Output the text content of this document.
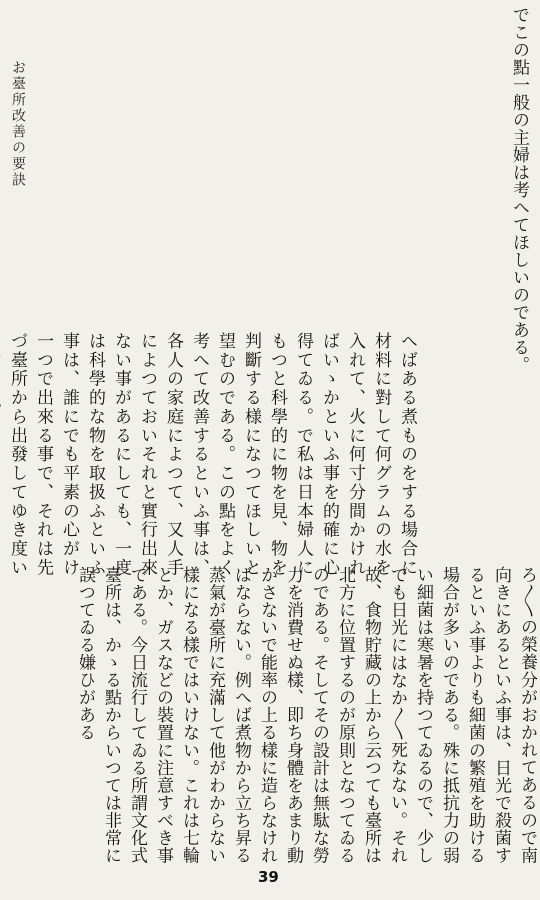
でこの點一般の主婦は考へてほしいのである。

へばある煮ものをする場合に材料に對して何グラムの水を入れて、火に何寸分間かければいゝかといふ事を的確に心得てゐる。で私は日本婦人にもつと科學的に物を見、物を判斷する様になつてほしいと望むのである。この點をよく考へて改善するといふ事は、各人の家庭によつて、又人手によつておいそれと實行出來ない事があるにしても、一度は科學的な物を取扱ふといふ事は、誰にでも平素の心がけ一つで出來る事で、それは先づ臺所から出發してゆき度い	ろ〳〵の榮養分がおかれてあるので南向きにあるといふ事は、日光で殺菌するといふ事よりも細菌の繁殖を助ける場合が多いのである。殊に抵抗力の弱い細菌は寒暑を持つてゐるので、少しでも日光にはなか〳〵死なない。それ故、食物貯藏の上から云つても臺所は北方に位置するのが原則となつてゐるのである。そしてその設計は無駄な勞力を消費せぬ樣、即ち身體をあまり動かさないで能率の上る樣に造らなければならない。例へば煮物から立ち昇る蒸氣が臺所に充滿して他がわからない樣になる樣ではいけない。これは七輪とか、ガスなどの裝置に注意すべき事である。今日流行してゐる所謂文化式臺所は、かゝる點からいつては非常に誤つてゐる嫌ひがある

お臺所改善の要訣
39
